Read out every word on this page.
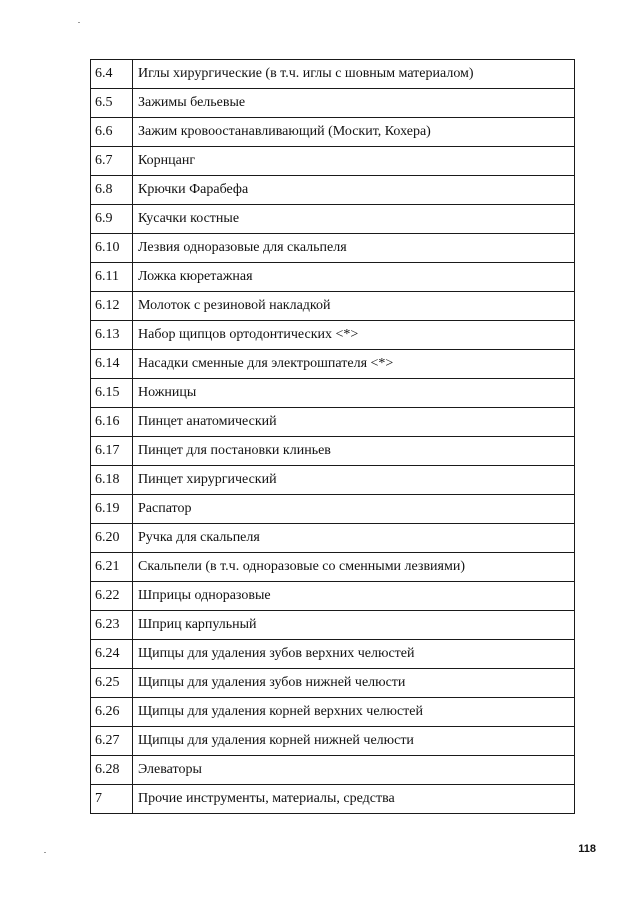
6.4	Иглы хирургические (в т.ч. иглы с шовным материалом)
6.5	Зажимы бельевые
6.6	Зажим кровоостанавливающий (Москит, Кохера)
6.7	Корнцанг
6.8	Крючки Фарабефа
6.9	Кусачки костные
6.10	Лезвия одноразовые для скальпеля
6.11	Ложка кюретажная
6.12	Молоток с резиновой накладкой
6.13	Набор щипцов ортодонтических <*>
6.14	Насадки сменные для электрошпателя <*>
6.15	Ножницы
6.16	Пинцет анатомический
6.17	Пинцет для постановки клиньев
6.18	Пинцет хирургический
6.19	Распатор
6.20	Ручка для скальпеля
6.21	Скальпели (в т.ч. одноразовые со сменными лезвиями)
6.22	Шприцы одноразовые
6.23	Шприц карпульный
6.24	Щипцы для удаления зубов верхних челюстей
6.25	Щипцы для удаления зубов нижней челюсти
6.26	Щипцы для удаления корней верхних челюстей
6.27	Щипцы для удаления корней нижней челюсти
6.28	Элеваторы
7	Прочие инструменты, материалы, средства
118
